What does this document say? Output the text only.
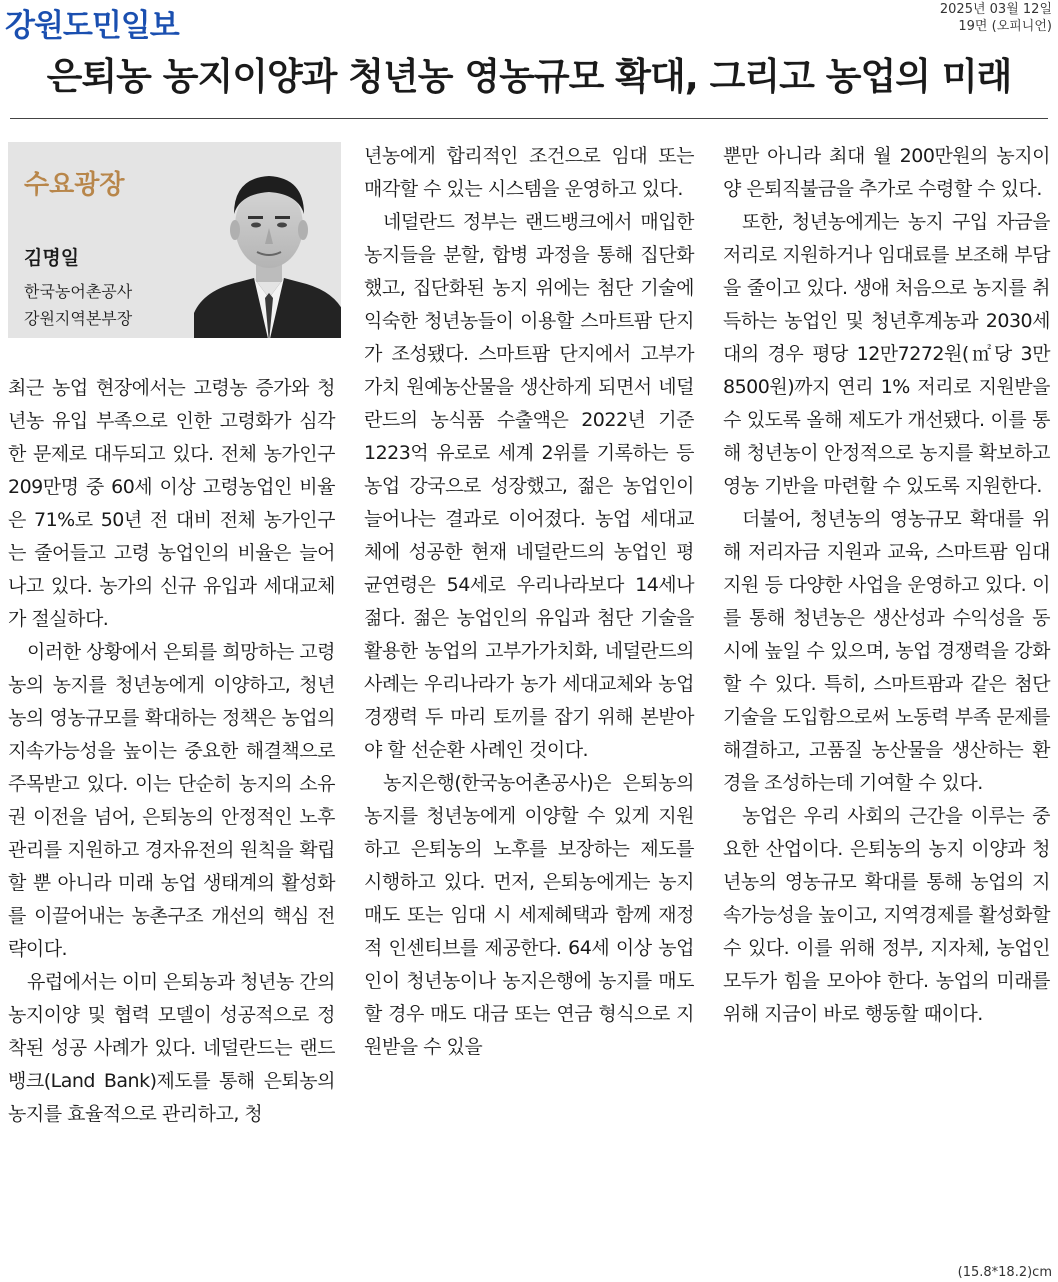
강원도민일보	2025년 03월 12일
19면 (오피니언)
은퇴농 농지이양과 청년농 영농규모 확대, 그리고 농업의 미래
수요광장
김명일
한국농어촌공사
강원지역본부장

최근 농업 현장에서는 고령농 증가와 청년농 유입 부족으로 인한 고령화가 심각한 문제로 대두되고 있다. 전체 농가인구 209만명 중 60세 이상 고령농업인 비율은 71%로 50년 전 대비 전체 농가인구는 줄어들고 고령 농업인의 비율은 늘어나고 있다. 농가의 신규 유입과 세대교체가 절실하다.

이러한 상황에서 은퇴를 희망하는 고령농의 농지를 청년농에게 이양하고, 청년농의 영농규모를 확대하는 정책은 농업의 지속가능성을 높이는 중요한 해결책으로 주목받고 있다. 이는 단순히 농지의 소유권 이전을 넘어, 은퇴농의 안정적인 노후 관리를 지원하고 경자유전의 원칙을 확립할 뿐 아니라 미래 농업 생태계의 활성화를 이끌어내는 농촌구조 개선의 핵심 전략이다.

유럽에서는 이미 은퇴농과 청년농 간의 농지이양 및 협력 모델이 성공적으로 정착된 성공 사례가 있다. 네덜란드는 랜드뱅크(Land Bank)제도를 통해 은퇴농의 농지를 효율적으로 관리하고, 청

년농에게 합리적인 조건으로 임대 또는 매각할 수 있는 시스템을 운영하고 있다.

네덜란드 정부는 랜드뱅크에서 매입한 농지들을 분할, 합병 과정을 통해 집단화했고, 집단화된 농지 위에는 첨단 기술에 익숙한 청년농들이 이용할 스마트팜 단지가 조성됐다. 스마트팜 단지에서 고부가가치 원예농산물을 생산하게 되면서 네덜란드의 농식품 수출액은 2022년 기준 1223억 유로로 세계 2위를 기록하는 등 농업 강국으로 성장했고, 젊은 농업인이 늘어나는 결과로 이어졌다. 농업 세대교체에 성공한 현재 네덜란드의 농업인 평균연령은 54세로 우리나라보다 14세나 젊다. 젊은 농업인의 유입과 첨단 기술을 활용한 농업의 고부가가치화, 네덜란드의 사례는 우리나라가 농가 세대교체와 농업 경쟁력 두 마리 토끼를 잡기 위해 본받아야 할 선순환 사례인 것이다.

농지은행(한국농어촌공사)은 은퇴농의 농지를 청년농에게 이양할 수 있게 지원하고 은퇴농의 노후를 보장하는 제도를 시행하고 있다. 먼저, 은퇴농에게는 농지 매도 또는 임대 시 세제혜택과 함께 재정적 인센티브를 제공한다. 64세 이상 농업인이 청년농이나 농지은행에 농지를 매도할 경우 매도 대금 또는 연금 형식으로 지원받을 수 있을

뿐만 아니라 최대 월 200만원의 농지이양 은퇴직불금을 추가로 수령할 수 있다.

또한, 청년농에게는 농지 구입 자금을 저리로 지원하거나 임대료를 보조해 부담을 줄이고 있다. 생애 처음으로 농지를 취득하는 농업인 및 청년후계농과 2030세대의 경우 평당 12만7272원(㎡당 3만8500원)까지 연리 1% 저리로 지원받을 수 있도록 올해 제도가 개선됐다. 이를 통해 청년농이 안정적으로 농지를 확보하고 영농 기반을 마련할 수 있도록 지원한다.

더불어, 청년농의 영농규모 확대를 위해 저리자금 지원과 교육, 스마트팜 임대지원 등 다양한 사업을 운영하고 있다. 이를 통해 청년농은 생산성과 수익성을 동시에 높일 수 있으며, 농업 경쟁력을 강화할 수 있다. 특히, 스마트팜과 같은 첨단 기술을 도입함으로써 노동력 부족 문제를 해결하고, 고품질 농산물을 생산하는 환경을 조성하는데 기여할 수 있다.

농업은 우리 사회의 근간을 이루는 중요한 산업이다. 은퇴농의 농지 이양과 청년농의 영농규모 확대를 통해 농업의 지속가능성을 높이고, 지역경제를 활성화할 수 있다. 이를 위해 정부, 지자체, 농업인 모두가 힘을 모아야 한다. 농업의 미래를 위해 지금이 바로 행동할 때이다.

(15.8*18.2)cm
